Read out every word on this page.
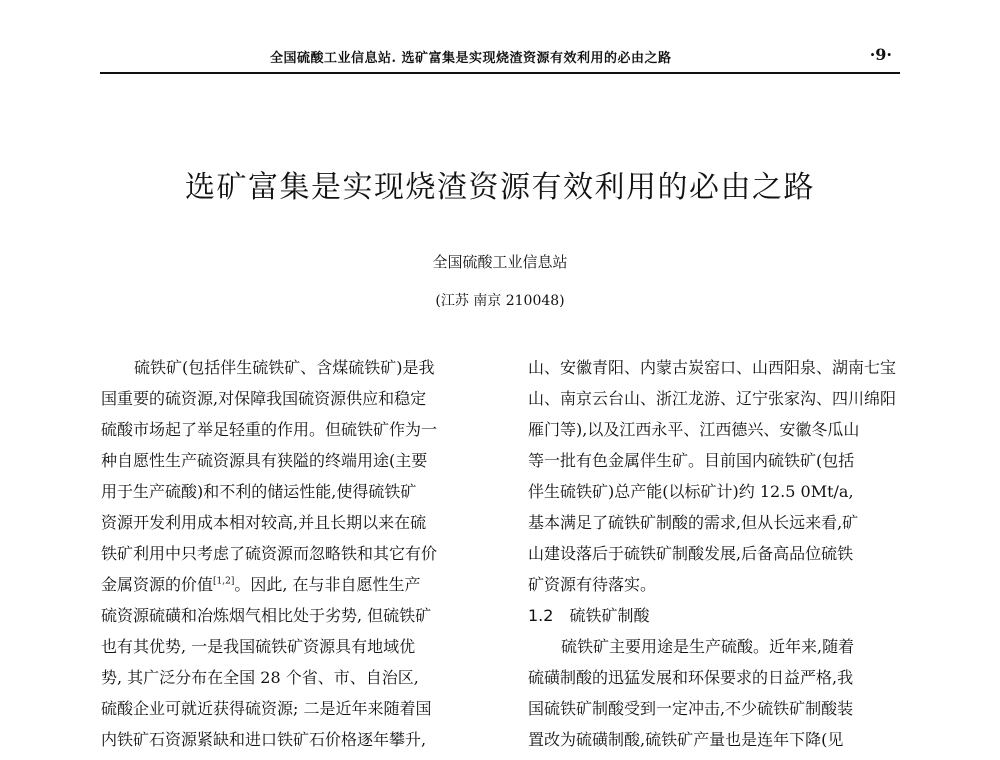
全国硫酸工业信息站. 选矿富集是实现烧渣资源有效利用的必由之路	·9·
选矿富集是实现烧渣资源有效利用的必由之路
全国硫酸工业信息站
(江苏 南京 210048)
硫铁矿(包括伴生硫铁矿、含煤硫铁矿)是我
国重要的硫资源,对保障我国硫资源供应和稳定
硫酸市场起了举足轻重的作用。但硫铁矿作为一
种自愿性生产硫资源具有狭隘的终端用途(主要
用于生产硫酸)和不利的储运性能,使得硫铁矿
资源开发利用成本相对较高,并且长期以来在硫
铁矿利用中只考虑了硫资源而忽略铁和其它有价
金属资源的价值[1,2]。因此, 在与非自愿性生产
硫资源硫磺和冶炼烟气相比处于劣势, 但硫铁矿
也有其优势, 一是我国硫铁矿资源具有地域优
势, 其广泛分布在全国 28 个省、市、自治区,
硫酸企业可就近获得硫资源; 二是近年来随着国
内铁矿石资源紧缺和进口铁矿石价格逐年攀升,
山、安徽青阳、内蒙古炭窑口、山西阳泉、湖南七宝
山、南京云台山、浙江龙游、辽宁张家沟、四川绵阳
雁门等),以及江西永平、江西德兴、安徽冬瓜山
等一批有色金属伴生矿。目前国内硫铁矿(包括
伴生硫铁矿)总产能(以标矿计)约 12.5 0Mt/a,
基本满足了硫铁矿制酸的需求,但从长远来看,矿
山建设落后于硫铁矿制酸发展,后备高品位硫铁
矿资源有待落实。
1.2 硫铁矿制酸
硫铁矿主要用途是生产硫酸。近年来,随着
硫磺制酸的迅猛发展和环保要求的日益严格,我
国硫铁矿制酸受到一定冲击,不少硫铁矿制酸装
置改为硫磺制酸,硫铁矿产量也是连年下降(见
